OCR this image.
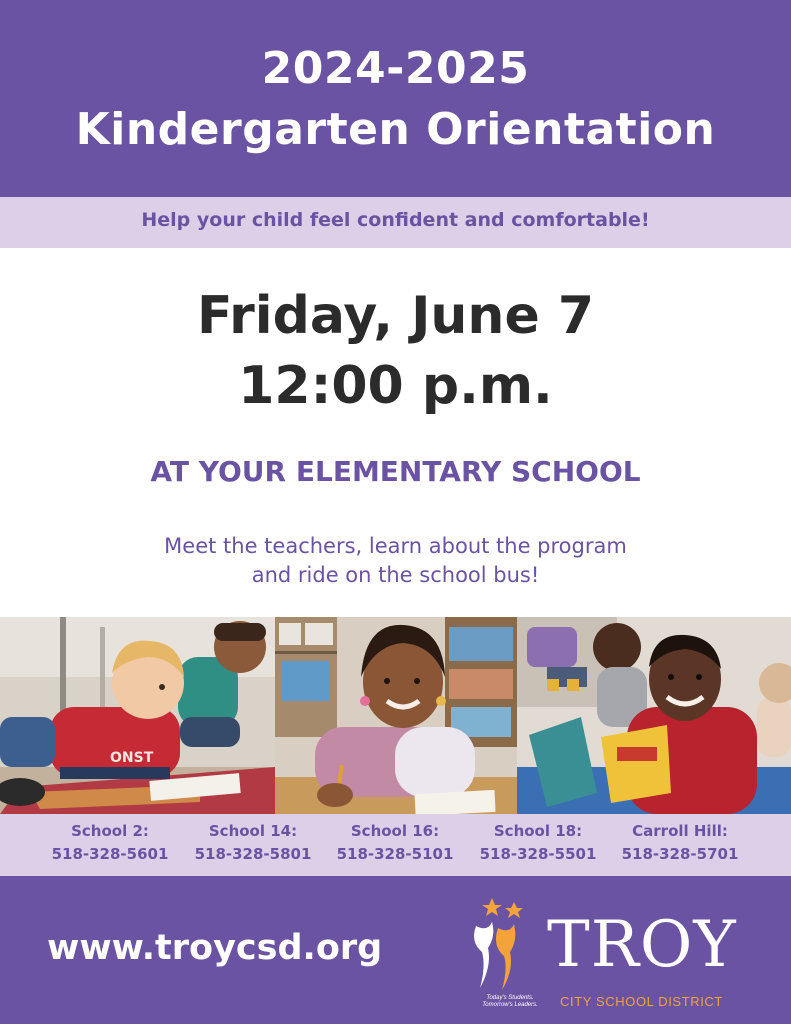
2024-2025
Kindergarten Orientation
Help your child feel confident and comfortable!
Friday, June 7
12:00 p.m.
AT YOUR ELEMENTARY SCHOOL
Meet the teachers, learn about the program
and ride on the school bus!
ONST
School 2:
518-328-5601
School 14:
518-328-5801
School 16:
518-328-5101
School 18:
518-328-5501
Carroll Hill:
518-328-5701
www.troycsd.org	TROY
CITY SCHOOL DISTRICT
Today's Students.
Tomorrow's Leaders.
